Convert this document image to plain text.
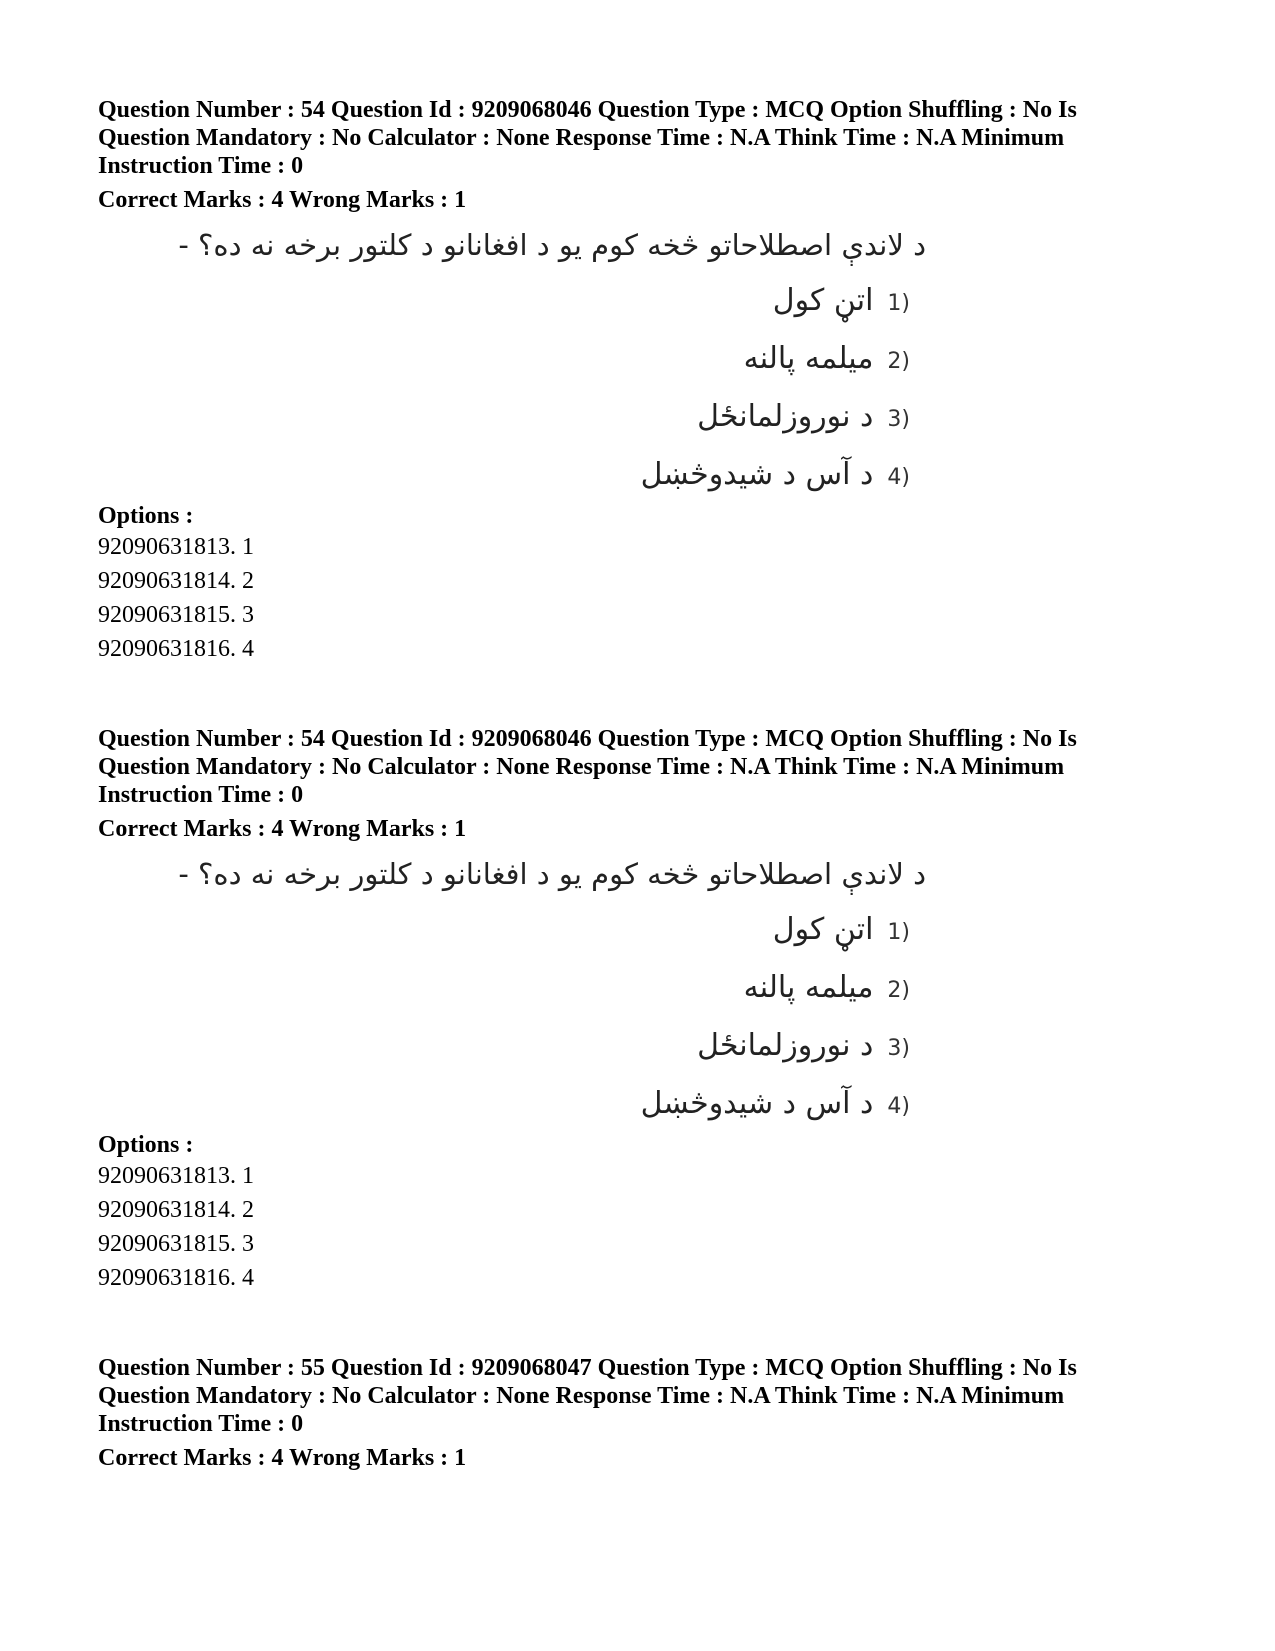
Question Number : 54 Question Id : 9209068046 Question Type : MCQ Option Shuffling : No Is Question Mandatory : No Calculator : None Response Time : N.A Think Time : N.A Minimum Instruction Time : 0
Correct Marks : 4 Wrong Marks : 1
د لاندې اصطلاحاتو څخه کوم يو د افغانانو د کلتور برخه نه ده؟ -
(1اتڼ کول
(2ميلمه پالنه
(3د نوروزلمانځل
(4د آس د شيدوڅښل
Options :
92090631813. 1
92090631814. 2
92090631815. 3
92090631816. 4
Question Number : 54 Question Id : 9209068046 Question Type : MCQ Option Shuffling : No Is Question Mandatory : No Calculator : None Response Time : N.A Think Time : N.A Minimum Instruction Time : 0
Correct Marks : 4 Wrong Marks : 1
د لاندې اصطلاحاتو څخه کوم يو د افغانانو د کلتور برخه نه ده؟ -
(1اتڼ کول
(2ميلمه پالنه
(3د نوروزلمانځل
(4د آس د شيدوڅښل
Options :
92090631813. 1
92090631814. 2
92090631815. 3
92090631816. 4
Question Number : 55 Question Id : 9209068047 Question Type : MCQ Option Shuffling : No Is Question Mandatory : No Calculator : None Response Time : N.A Think Time : N.A Minimum Instruction Time : 0
Correct Marks : 4 Wrong Marks : 1
